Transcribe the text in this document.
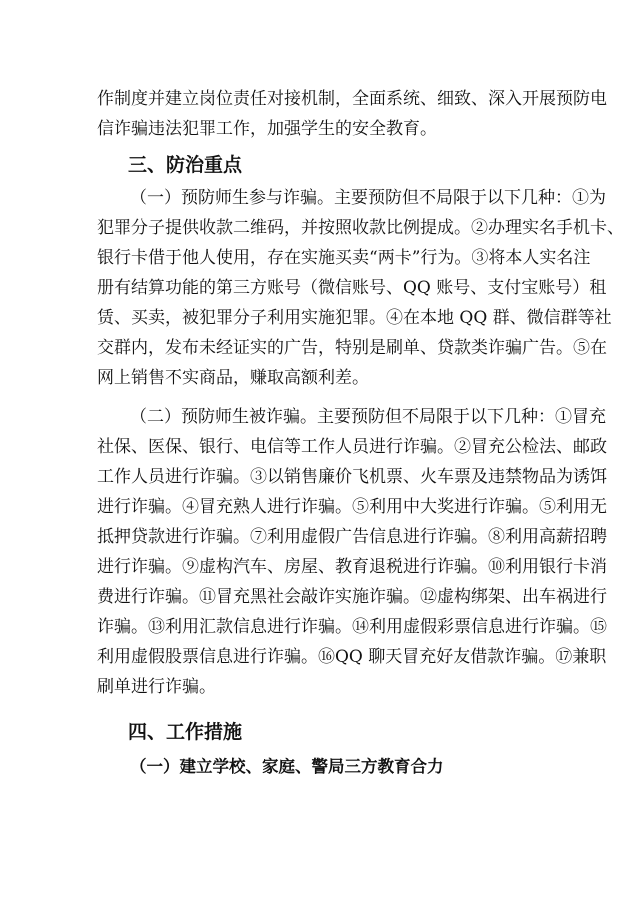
作制度并建立岗位责任对接机制，全面系统、细致、深入开展预防电
信诈骗违法犯罪工作，加强学生的安全教育。
三、防治重点
（一）预防师生参与诈骗。主要预防但不局限于以下几种：①为
犯罪分子提供收款二维码，并按照收款比例提成。②办理实名手机卡、
银行卡借于他人使用，存在实施买卖“两卡”行为。③将本人实名注
册有结算功能的第三方账号（微信账号、QQ 账号、支付宝账号）租
赁、买卖，被犯罪分子利用实施犯罪。④在本地 QQ 群、微信群等社
交群内，发布未经证实的广告，特别是刷单、贷款类诈骗广告。⑤在
网上销售不实商品，赚取高额利差。
（二）预防师生被诈骗。主要预防但不局限于以下几种：①冒充
社保、医保、银行、电信等工作人员进行诈骗。②冒充公检法、邮政
工作人员进行诈骗。③以销售廉价飞机票、火车票及违禁物品为诱饵
进行诈骗。④冒充熟人进行诈骗。⑤利用中大奖进行诈骗。⑤利用无
抵押贷款进行诈骗。⑦利用虚假广告信息进行诈骗。⑧利用高薪招聘
进行诈骗。⑨虚构汽车、房屋、教育退税进行诈骗。⑩利用银行卡消
费进行诈骗。⑪冒充黑社会敲诈实施诈骗。⑫虚构绑架、出车祸进行
诈骗。⑬利用汇款信息进行诈骗。⑭利用虚假彩票信息进行诈骗。⑮
利用虚假股票信息进行诈骗。⑯QQ 聊天冒充好友借款诈骗。⑰兼职
刷单进行诈骗。
四、工作措施
（一）建立学校、家庭、警局三方教育合力
